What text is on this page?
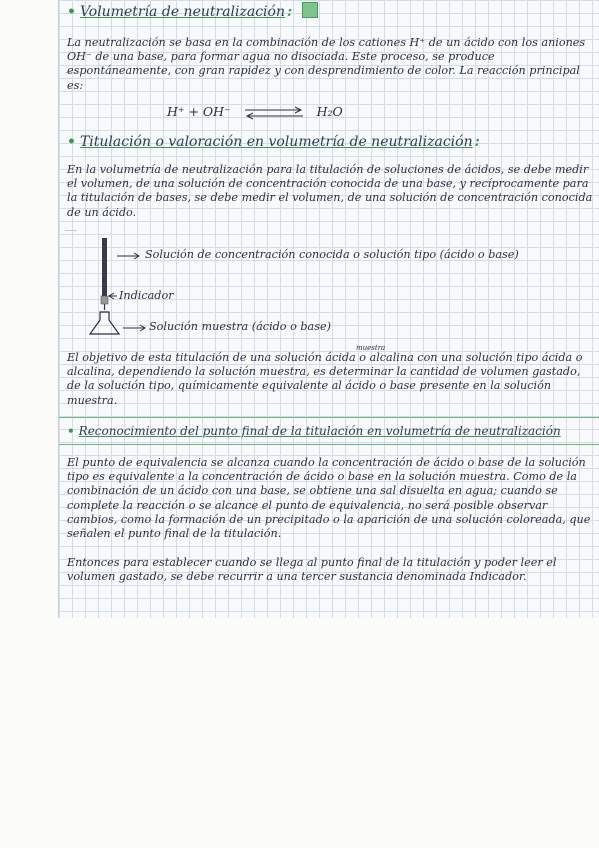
• Volumetría de neutralización :

La neutralización se basa en la combinación de los cationes H⁺ de un ácido con los aniones OH⁻ de una base, para formar agua no disociada. Este proceso, se produce espontáneamente, con gran rapidez y con desprendimiento de color. La reacción principal es:

H⁺ + OH⁻	H₂O
• Titulación o valoración en volumetría de neutralización :

En la volumetría de neutralización para la titulación de soluciones de ácidos, se debe medir el volumen, de una solución de concentración conocida de una base, y recíprocamente para la titulación de bases, se debe medir el volumen, de una solución de concentración conocida de un ácido.

Solución de concentración conocida o solución tipo (ácido o base)
Indicador
Solución muestra (ácido o base)
muestra

El objetivo de esta titulación de una solución ácida o alcalina con una solución tipo ácida o alcalina, dependiendo la solución muestra, es determinar la cantidad de volumen gastado, de la solución tipo, químicamente equivalente al ácido o base presente en la solución muestra.

• Reconocimiento del punto final de la titulación en volumetría de neutralización

El punto de equivalencia se alcanza cuando la concentración de ácido o base de la solución tipo es equivalente a la concentración de ácido o base en la solución muestra. Como de la combinación de un ácido con una base, se obtiene una sal disuelta en agua; cuando se complete la reacción o se alcance el punto de equivalencia, no será posible observar cambios, como la formación de un precipitado o la aparición de una solución coloreada, que señalen el punto final de la titulación.

Entonces para establecer cuando se llega al punto final de la titulación y poder leer el volumen gastado, se debe recurrir a una tercer sustancia denominada Indicador.
